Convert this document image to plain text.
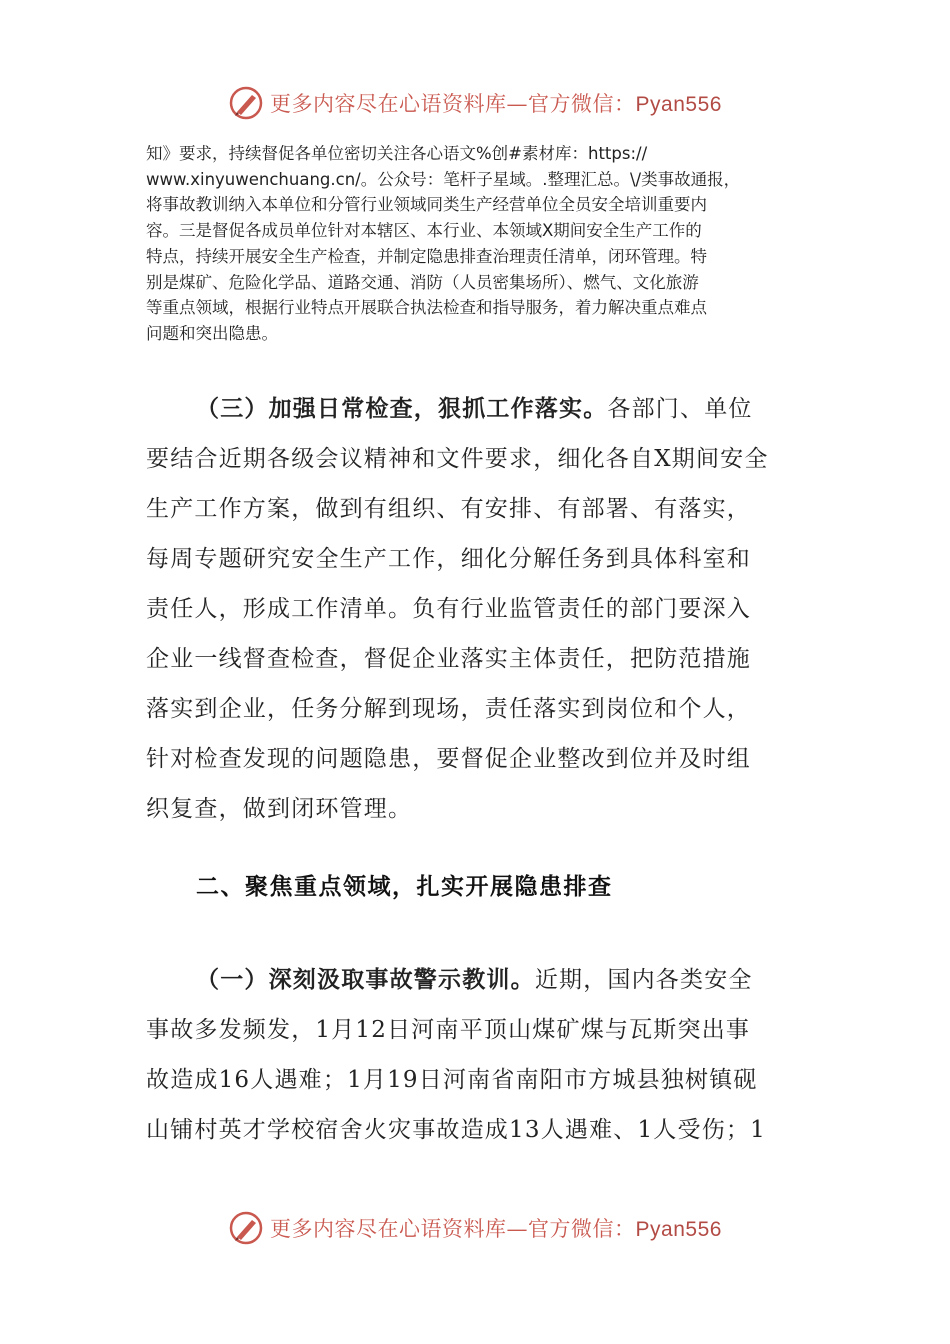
更多内容尽在心语资料库—官方微信：Pyan556
知》要求，持续督促各单位密切关注各心语文%创#素材库：https://
www.xinyuwenchuang.cn/。公众号：笔杆子星域。.整理汇总。\/类事故通报，
将事故教训纳入本单位和分管行业领域同类生产经营单位全员安全培训重要内
容。三是督促各成员单位针对本辖区、本行业、本领域X期间安全生产工作的
特点，持续开展安全生产检查，并制定隐患排查治理责任清单，闭环管理。特
别是煤矿、危险化学品、道路交通、消防（人员密集场所）、燃气、文化旅游
等重点领域，根据行业特点开展联合执法检查和指导服务，着力解决重点难点
问题和突出隐患。
（三）加强日常检查，狠抓工作落实。各部门、单位
要结合近期各级会议精神和文件要求，细化各自X期间安全
生产工作方案，做到有组织、有安排、有部署、有落实，
每周专题研究安全生产工作，细化分解任务到具体科室和
责任人，形成工作清单。负有行业监管责任的部门要深入
企业一线督查检查，督促企业落实主体责任，把防范措施
落实到企业，任务分解到现场，责任落实到岗位和个人，
针对检查发现的问题隐患，要督促企业整改到位并及时组
织复查，做到闭环管理。
二、聚焦重点领域，扎实开展隐患排查
（一）深刻汲取事故警示教训。近期，国内各类安全
事故多发频发，1月12日河南平顶山煤矿煤与瓦斯突出事
故造成16人遇难；1月19日河南省南阳市方城县独树镇砚
山铺村英才学校宿舍火灾事故造成13人遇难、1人受伤；1
更多内容尽在心语资料库—官方微信：Pyan556
